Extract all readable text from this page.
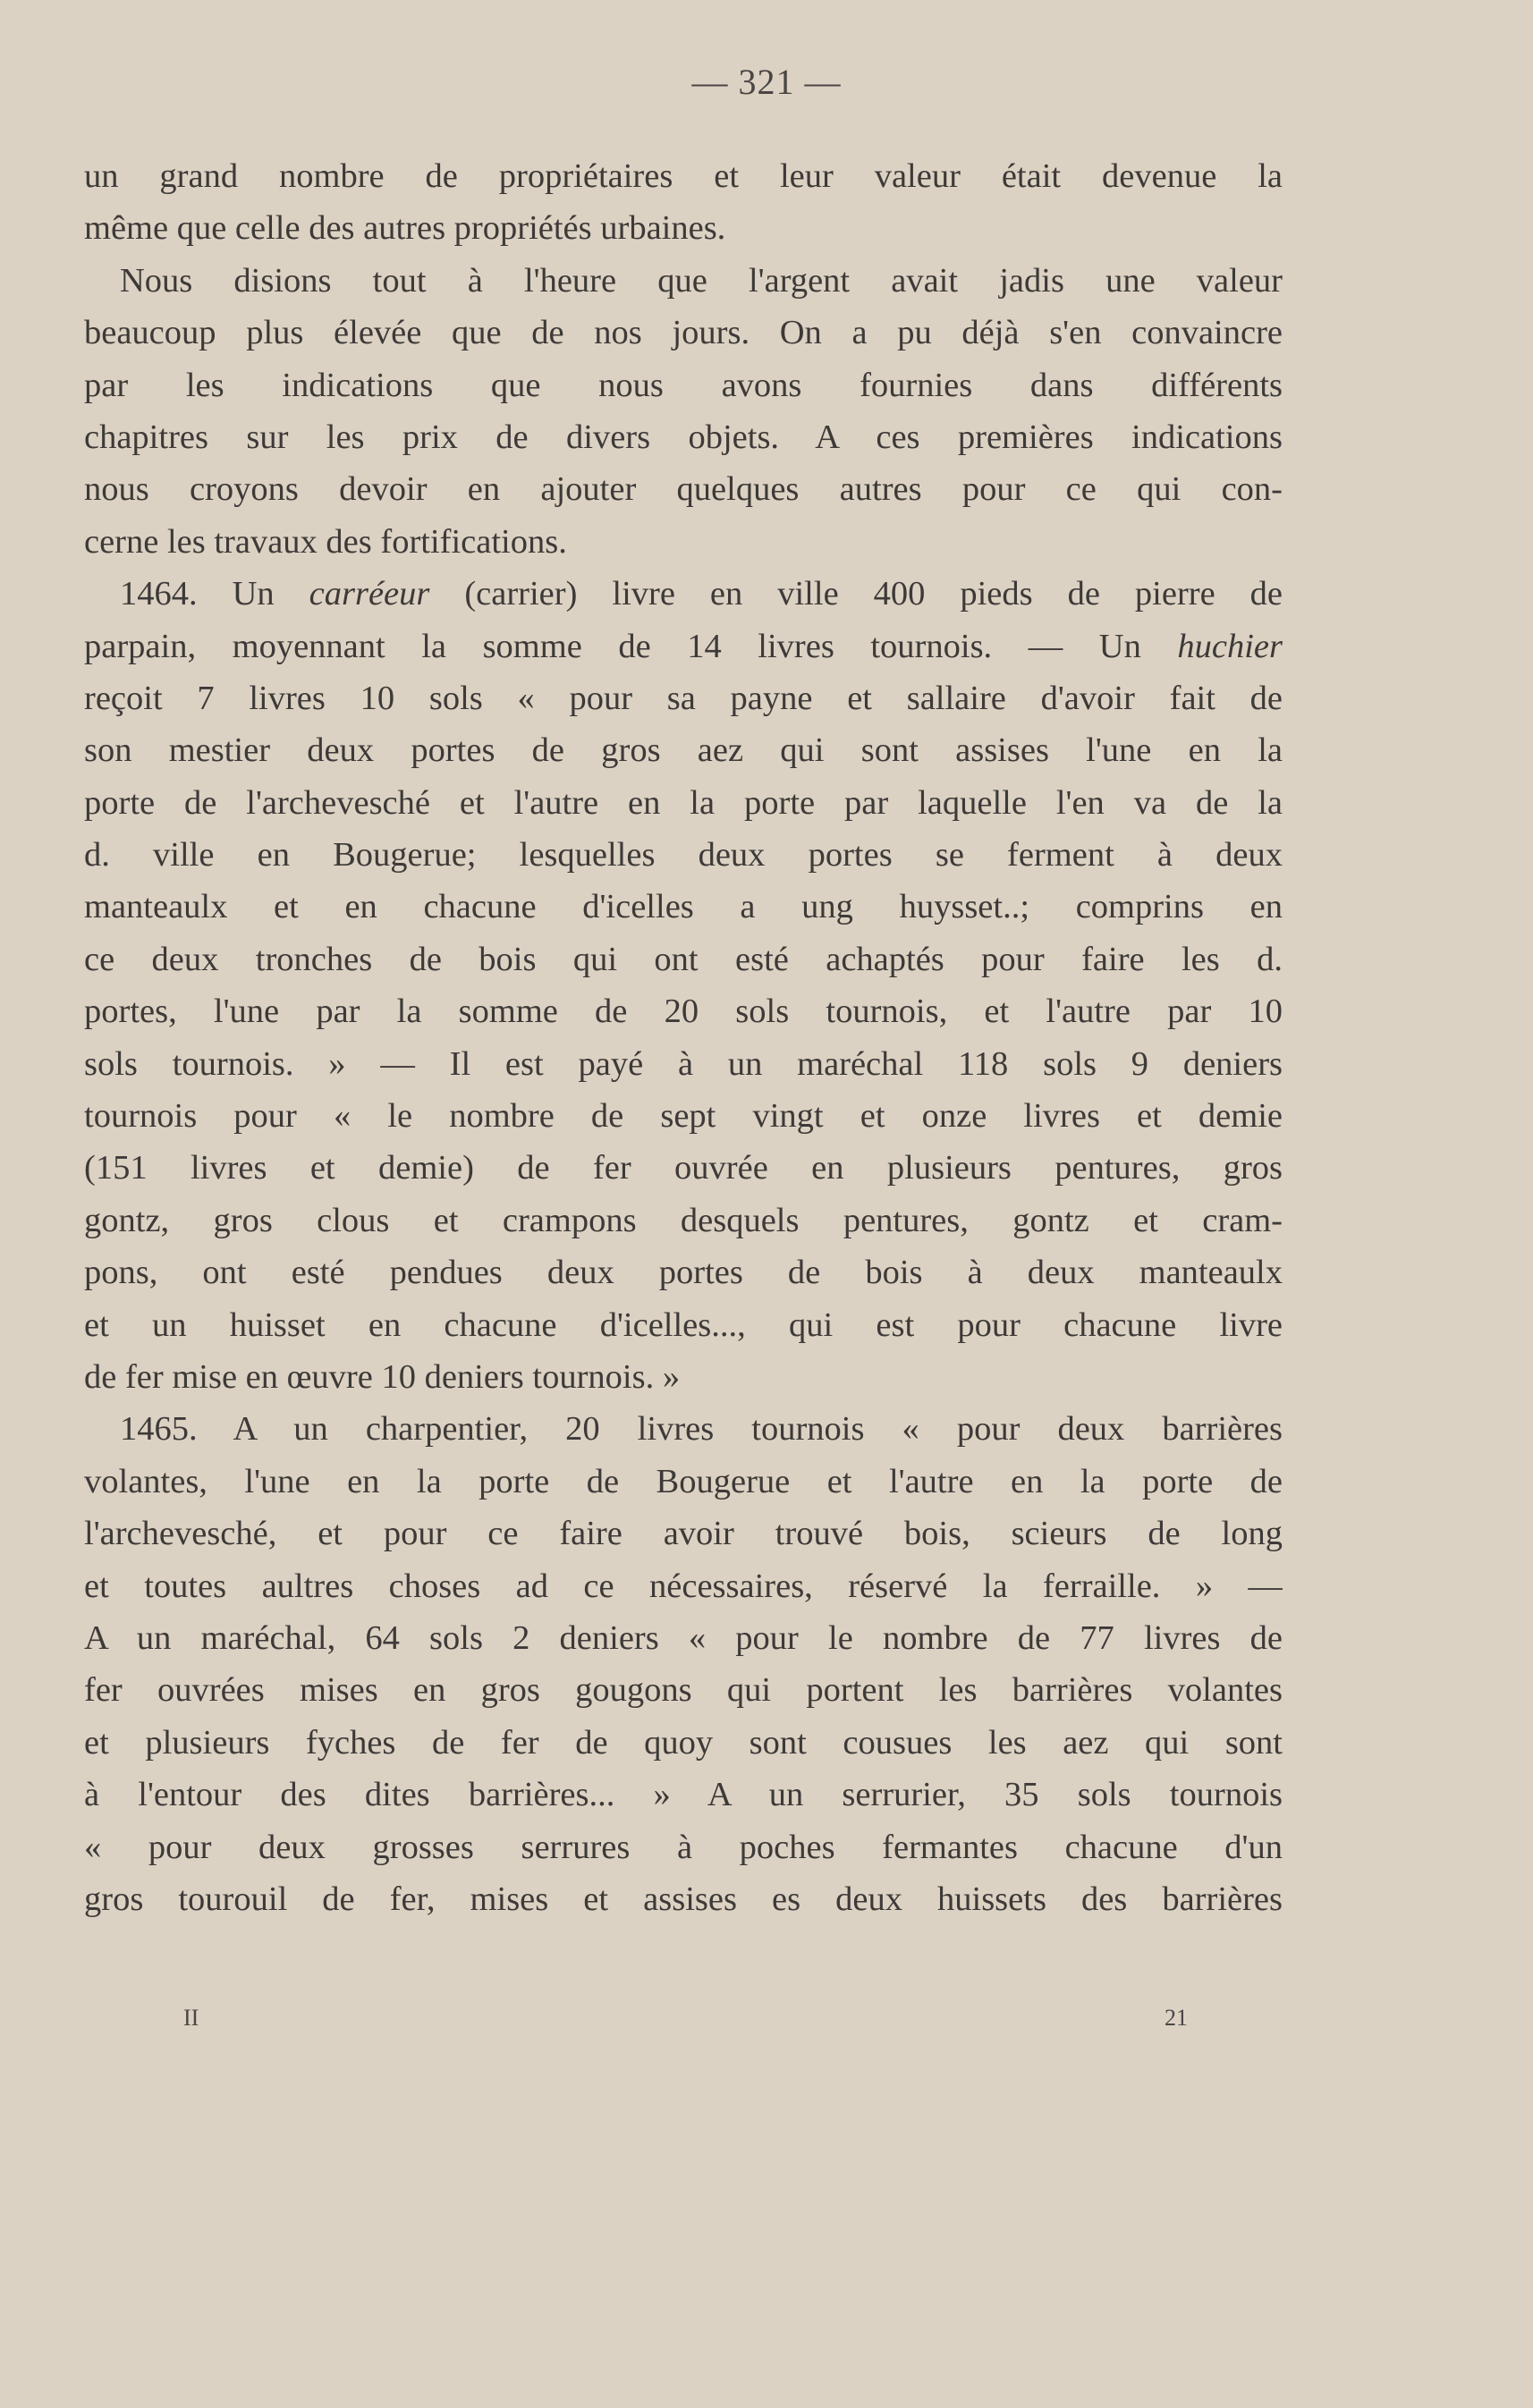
— 321 —
un grand nombre de propriétaires et leur valeur était devenue la
même que celle des autres propriétés urbaines.
Nous disions tout à l'heure que l'argent avait jadis une valeur
beaucoup plus élevée que de nos jours. On a pu déjà s'en convaincre
par les indications que nous avons fournies dans différents
chapitres sur les prix de divers objets. A ces premières indications
nous croyons devoir en ajouter quelques autres pour ce qui con-
cerne les travaux des fortifications.
1464. Un carréeur (carrier) livre en ville 400 pieds de pierre de
parpain, moyennant la somme de 14 livres tournois. — Un huchier
reçoit 7 livres 10 sols « pour sa payne et sallaire d'avoir fait de
son mestier deux portes de gros aez qui sont assises l'une en la
porte de l'archevesché et l'autre en la porte par laquelle l'en va de la
d. ville en Bougerue; lesquelles deux portes se ferment à deux
manteaulx et en chacune d'icelles a ung huysset..; comprins en
ce deux tronches de bois qui ont esté achaptés pour faire les d.
portes, l'une par la somme de 20 sols tournois, et l'autre par 10
sols tournois. » — Il est payé à un maréchal 118 sols 9 deniers
tournois pour « le nombre de sept vingt et onze livres et demie
(151 livres et demie) de fer ouvrée en plusieurs pentures, gros
gontz, gros clous et crampons desquels pentures, gontz et cram-
pons, ont esté pendues deux portes de bois à deux manteaulx
et un huisset en chacune d'icelles..., qui est pour chacune livre
de fer mise en œuvre 10 deniers tournois. »
1465. A un charpentier, 20 livres tournois « pour deux barrières
volantes, l'une en la porte de Bougerue et l'autre en la porte de
l'archevesché, et pour ce faire avoir trouvé bois, scieurs de long
et toutes aultres choses ad ce nécessaires, réservé la ferraille. » —
A un maréchal, 64 sols 2 deniers « pour le nombre de 77 livres de
fer ouvrées mises en gros gougons qui portent les barrières volantes
et plusieurs fyches de fer de quoy sont cousues les aez qui sont
à l'entour des dites barrières... » A un serrurier, 35 sols tournois
« pour deux grosses serrures à poches fermantes chacune d'un
gros tourouil de fer, mises et assises es deux huissets des barrières
II	21
